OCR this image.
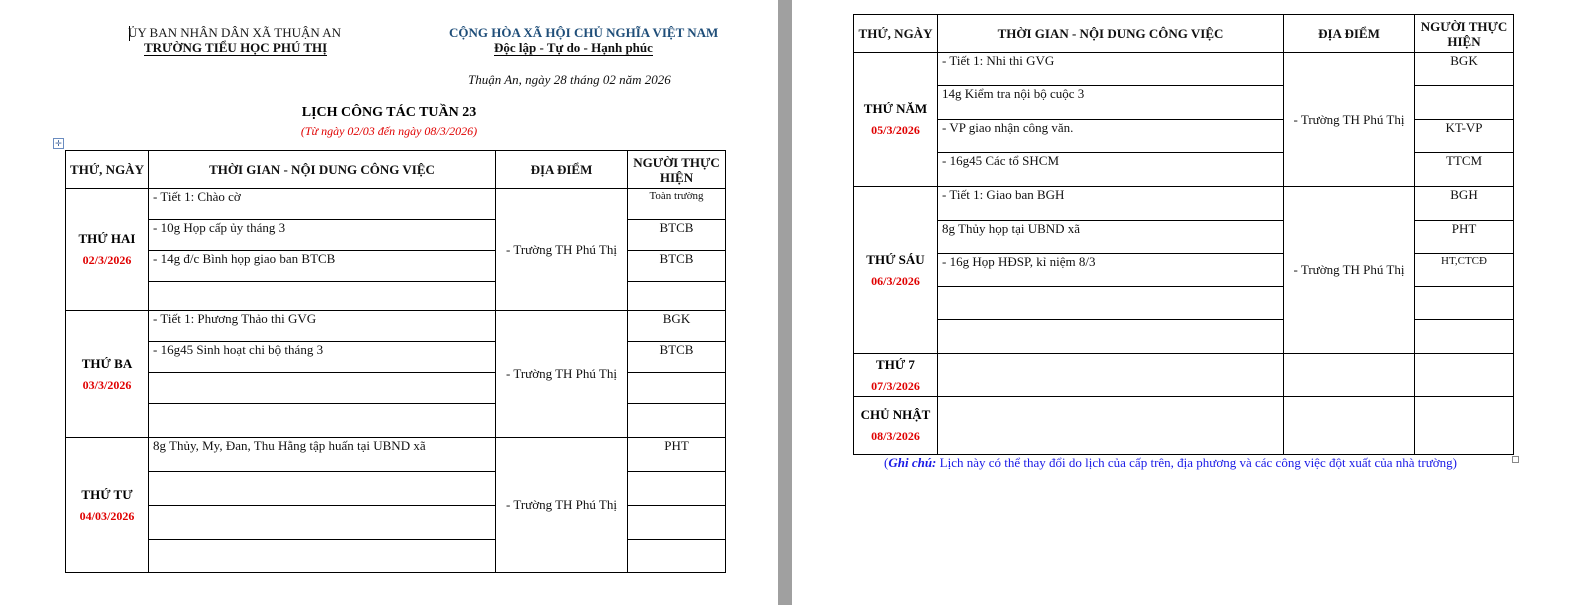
ỦY BAN NHÂN DÂN XÃ THUẬN AN
TRƯỜNG TIỂU HỌC PHÚ THỊ
CỘNG HÒA XÃ HỘI CHỦ NGHĨA VIỆT NAM
Độc lập - Tự do - Hạnh phúc
Thuận An, ngày 28 tháng 02 năm 2026
LỊCH CÔNG TÁC TUẦN 23
(Từ ngày 02/03 đến ngày 08/3/2026)
✛
THỨ, NGÀY	THỜI GIAN - NỘI DUNG CÔNG VIỆC	ĐỊA ĐIỂM	NGƯỜI THỰC HIỆN

THỨ HAI
02/3/2026	- Tiết 1: Chào cờ	- Trường TH Phú Thị	Toàn trường
	- 10g Họp cấp ủy tháng 3		BTCB
	- 14g đ/c Bình họp giao ban BTCB		BTCB

THỨ BA
03/3/2026	- Tiết 1: Phương Thảo thi GVG	- Trường TH Phú Thị	BGK
	- 16g45 Sinh hoạt chi bộ tháng 3		BTCB

THỨ TƯ
04/03/2026	8g Thủy, My, Đan, Thu Hằng tập huấn tại UBND xã	- Trường TH Phú Thị	PHT

THỨ, NGÀY	THỜI GIAN - NỘI DUNG CÔNG VIỆC	ĐỊA ĐIỂM	NGƯỜI THỰC HIỆN

THỨ NĂM
05/3/2026	- Tiết 1: Nhi thi GVG	- Trường TH Phú Thị	BGK
	14g Kiểm tra nội bộ cuộc 3		
	- VP giao nhận công văn.		KT-VP
	- 16g45 Các tổ SHCM		TTCM

THỨ SÁU
06/3/2026	- Tiết 1: Giao ban BGH	- Trường TH Phú Thị	BGH
	8g Thủy họp tại UBND xã		PHT
	- 16g Họp HĐSP, kỉ niệm 8/3		HT,CTCĐ

THỨ 7
07/3/2026			

CHỦ NHẬT
08/3/2026			

(Ghi chú: Lịch này có thể thay đổi do lịch của cấp trên, địa phương và các công việc đột xuất của nhà trường)
